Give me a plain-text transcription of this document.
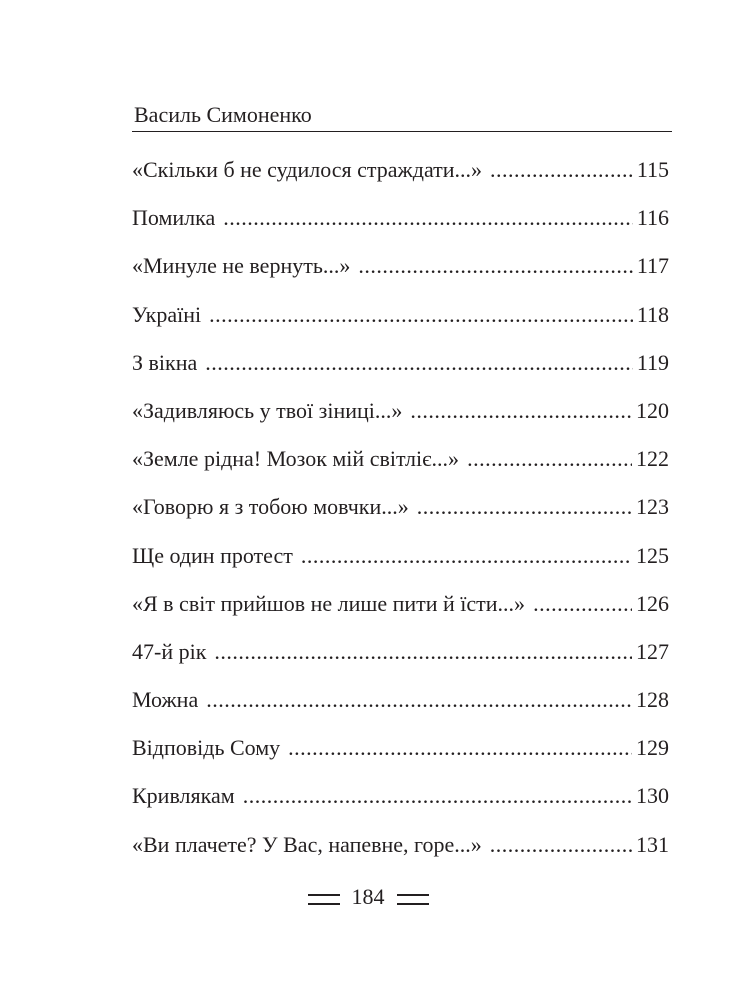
Василь Симоненко
«Скільки б не судилося страждати...» .....	115
Помилка .....	116
«Минуле не вернуть...» .....	117
Україні .....	118
З вікна .....	119
«Задивляюсь у твої зіниці...» .....	120
«Земле рідна! Мозок мій світліє...» .....	122
«Говорю я з тобою мовчки...» .....	123
Ще один протест .....	125
«Я в світ прийшов не лише пити й їсти...» .....	126
47-й рік .....	127
Можна .....	128
Відповідь Сому .....	129
Кривлякам .....	130
«Ви плачете? У Вас, напевне, горе...» .....	131
184
